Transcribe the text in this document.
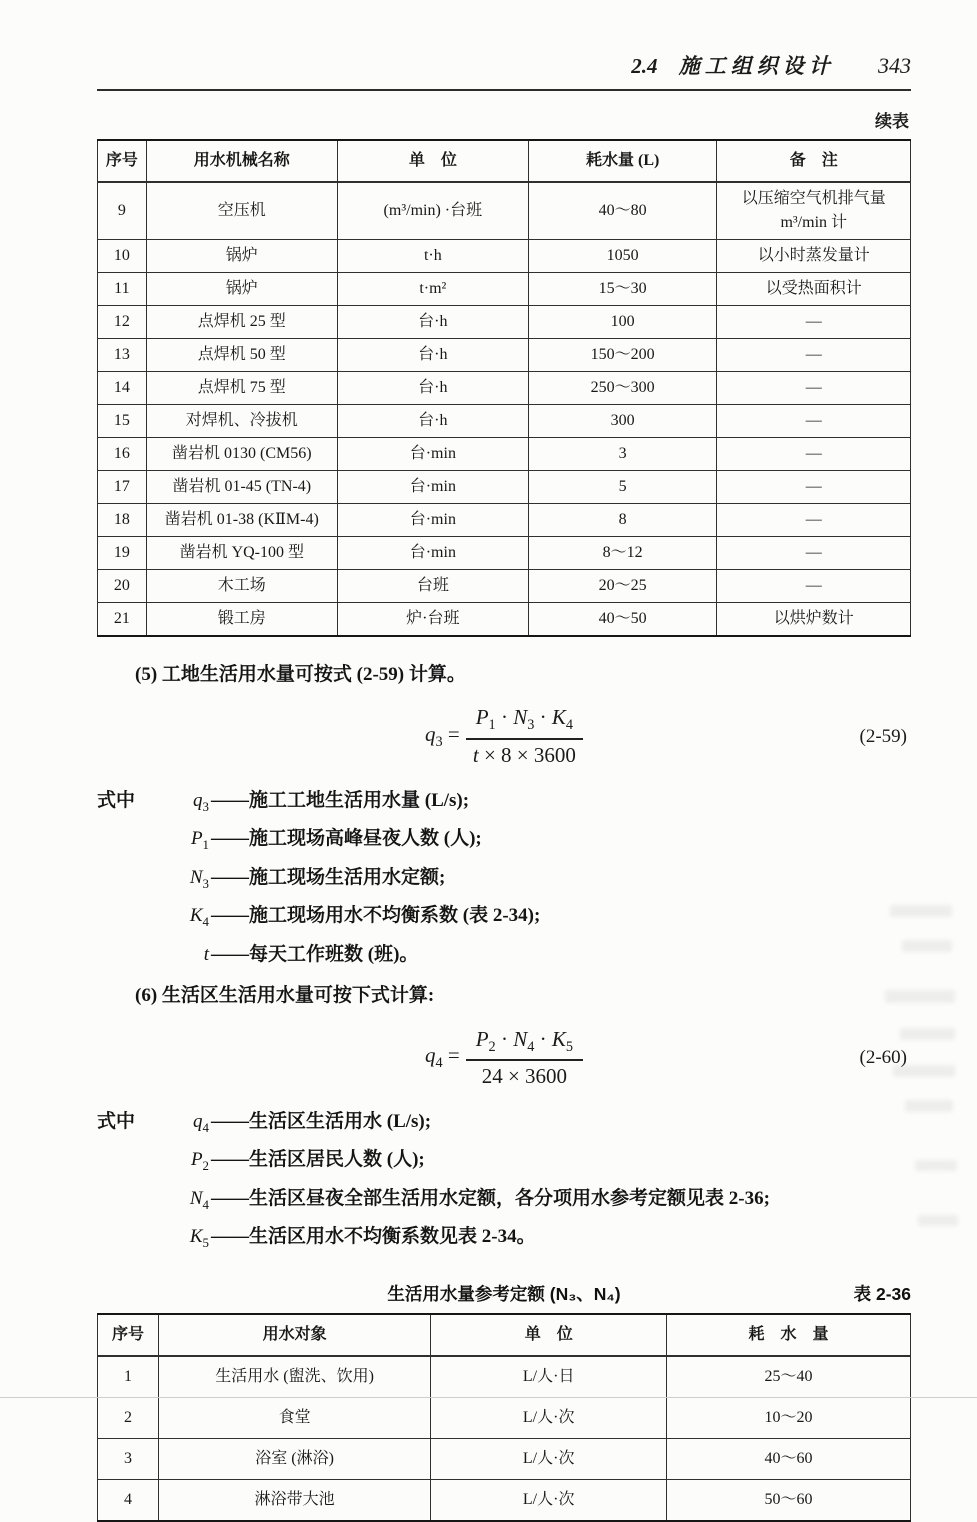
2.4 施工组织设计 343
续表
序号	用水机械名称	单　位	耗水量 (L)	备　注
9	空压机	(m³/min) ·台班	40～80	以压缩空气机排气量 m³/min 计
10	锅炉	t·h	1050	以小时蒸发量计
11	锅炉	t·m²	15～30	以受热面积计
12	点焊机 25 型	台·h	100	—
13	点焊机 50 型	台·h	150～200	—
14	点焊机 75 型	台·h	250～300	—
15	对焊机、冷拔机	台·h	300	—
16	凿岩机 0130 (CM56)	台·min	3	—
17	凿岩机 01-45 (TN-4)	台·min	5	—
18	凿岩机 01-38 (KⅡM-4)	台·min	8	—
19	凿岩机 YQ-100 型	台·min	8～12	—
20	木工场	台班	20～25	—
21	锻工房	炉·台班	40～50	以烘炉数计
(5) 工地生活用水量可按式 (2-59) 计算。
$q_3 = \frac{P_1 \cdot N_3 \cdot K_4}{t \times 8 \times 3600}$	(2-59)
式中	$q_3$ ——施工工地生活用水量 (L/s);
$P_1$ ——施工现场高峰昼夜人数 (人);
$N_3$ ——施工现场生活用水定额;
$K_4$ ——施工现场用水不均衡系数 (表 2-34);
t ——每天工作班数 (班)。
(6) 生活区生活用水量可按下式计算:
$q_4 = \frac{P_2 \cdot N_4 \cdot K_5}{24 \times 3600}$	(2-60)
式中	$q_4$ ——生活区生活用水 (L/s);
$P_2$ ——生活区居民人数 (人);
$N_4$ ——生活区昼夜全部生活用水定额，各分项用水参考定额见表 2-36;
$K_5$ ——生活区用水不均衡系数见表 2-34。
生活用水量参考定额 (N₃、N₄)	表 2-36
序号	用水对象	单　位	耗　水　量
1	生活用水 (盥洗、饮用)	L/人·日	25～40
2	食堂	L/人·次	10～20
3	浴室 (淋浴)	L/人·次	40～60
4	淋浴带大池	L/人·次	50～60
